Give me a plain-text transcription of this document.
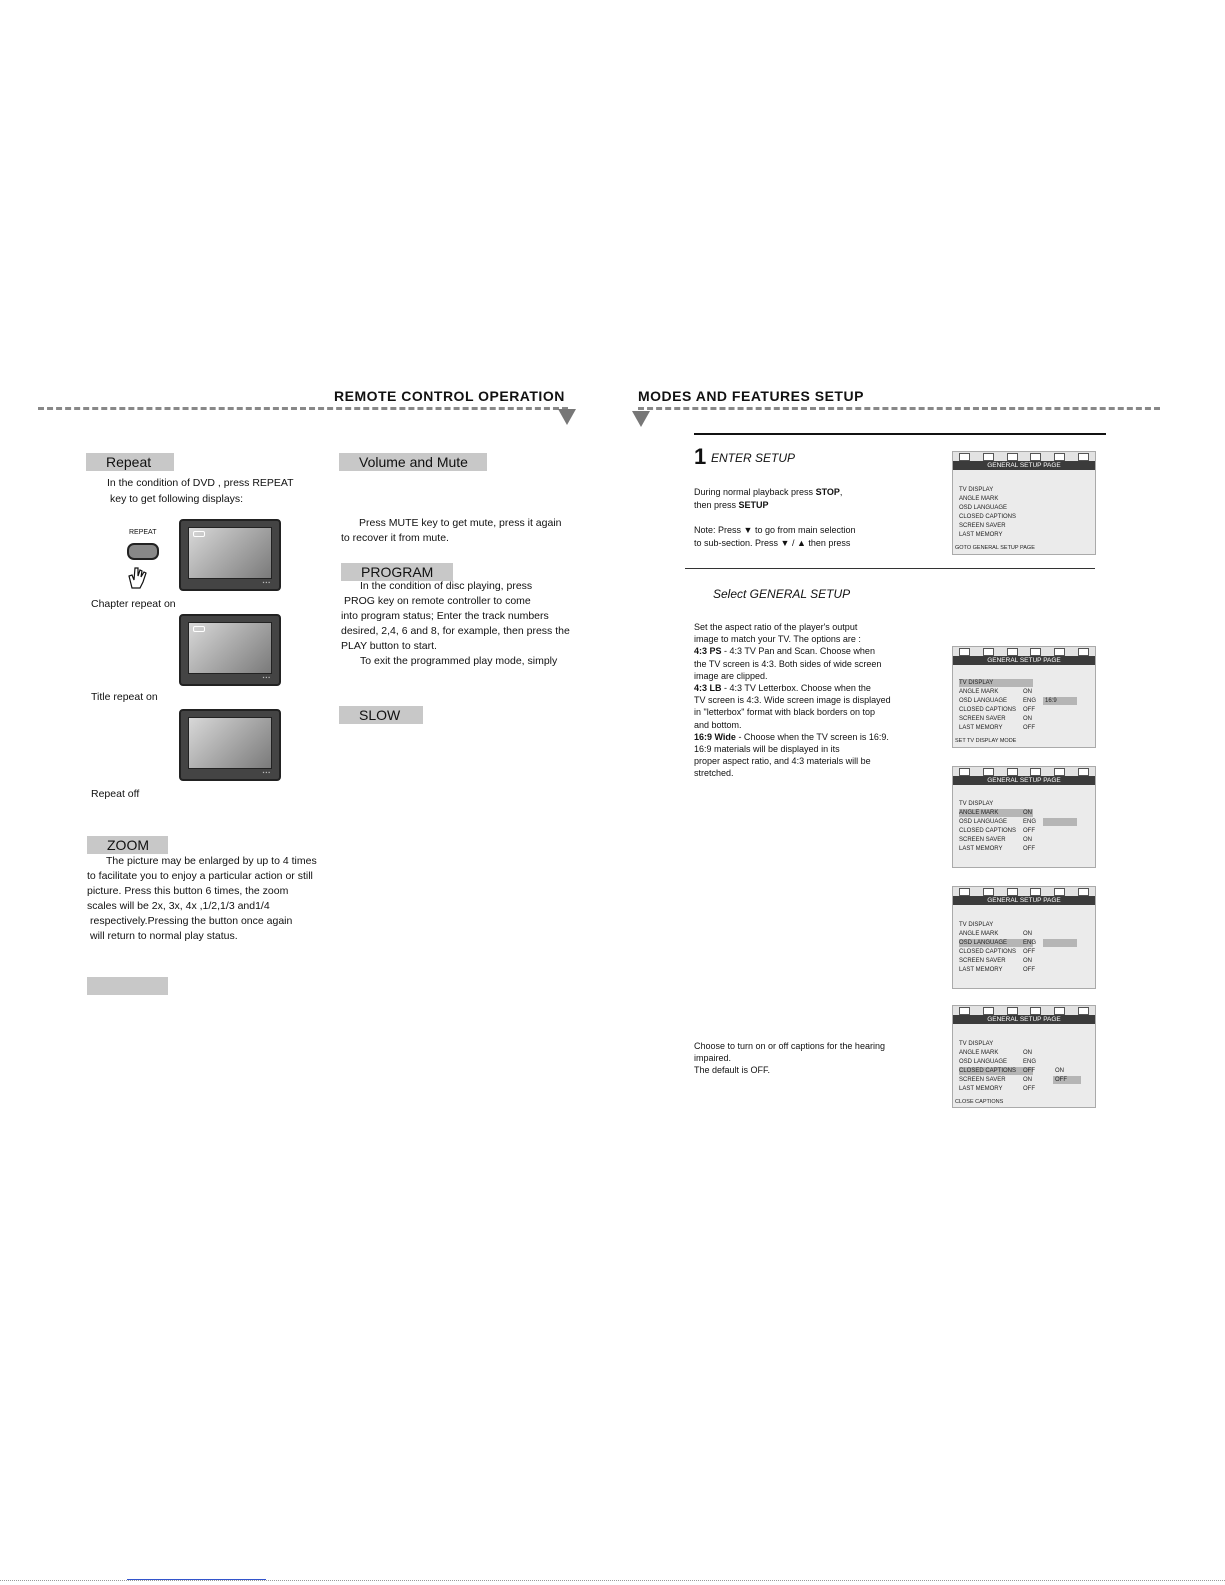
REMOTE CONTROL OPERATION	MODES AND FEATURES SETUP
Repeat
In the condition of DVD , press REPEAT
key to get following displays:
REPEAT
▪▪▪
Chapter repeat on
▪▪▪
Title repeat on
▪▪▪
Repeat off
ZOOM
The picture may be enlarged by up to 4 times
to facilitate you to enjoy a particular action or still
picture. Press this button 6 times, the zoom
scales will be 2x, 3x, 4x ,1/2,1/3 and1/4
respectively.Pressing the button once again
will return to normal play status.
Volume and Mute
Press MUTE key to get mute, press it again
to recover it from mute.
PROGRAM
In the condition of disc playing, press
PROG key on remote controller to come
into program status; Enter the track numbers
desired, 2,4, 6 and 8, for example, then press the
PLAY button to start.
To exit the programmed play mode, simply
SLOW
1 ENTER SETUP
During normal playback press STOP,
then press SETUP
Note: Press ▼ to go from main selection
to sub-section. Press ▼ / ▲ then press
Select GENERAL SETUP
Set the aspect ratio of the player's output
image to match your TV. The options are :
4:3 PS - 4:3 TV Pan and Scan. Choose when
the TV screen is 4:3. Both sides of wide screen
image are clipped.
4:3 LB - 4:3 TV Letterbox. Choose when the
TV screen is 4:3. Wide screen image is displayed
in "letterbox" format with black borders on top
and bottom.
16:9 Wide - Choose when the TV screen is 16:9.
16:9 materials will be displayed in its
proper aspect ratio, and 4:3 materials will be
stretched.
Choose to turn on or off captions for the hearing
impaired.
The default is OFF.
GENERAL SETUP PAGE
TV DISPLAY
ANGLE MARK
OSD LANGUAGE
CLOSED CAPTIONS
SCREEN SAVER
LAST MEMORY
GOTO GENERAL SETUP PAGE
GENERAL SETUP PAGE
TV DISPLAY
ANGLE MARK	ON
OSD LANGUAGE	ENG	16:9
CLOSED CAPTIONS	OFF
SCREEN SAVER	ON
LAST MEMORY	OFF
SET TV DISPLAY MODE
GENERAL SETUP PAGE
TV DISPLAY
ANGLE MARK	ON
OSD LANGUAGE	ENG
CLOSED CAPTIONS	OFF
SCREEN SAVER	ON
LAST MEMORY	OFF
GENERAL SETUP PAGE
TV DISPLAY
ANGLE MARK	ON
OSD LANGUAGE	ENG
CLOSED CAPTIONS	OFF
SCREEN SAVER	ON
LAST MEMORY	OFF
GENERAL SETUP PAGE
TV DISPLAY
ANGLE MARK	ON
OSD LANGUAGE	ENG
CLOSED CAPTIONS	OFF	ON
SCREEN SAVER	ON	OFF
LAST MEMORY	OFF
CLOSE CAPTIONS
